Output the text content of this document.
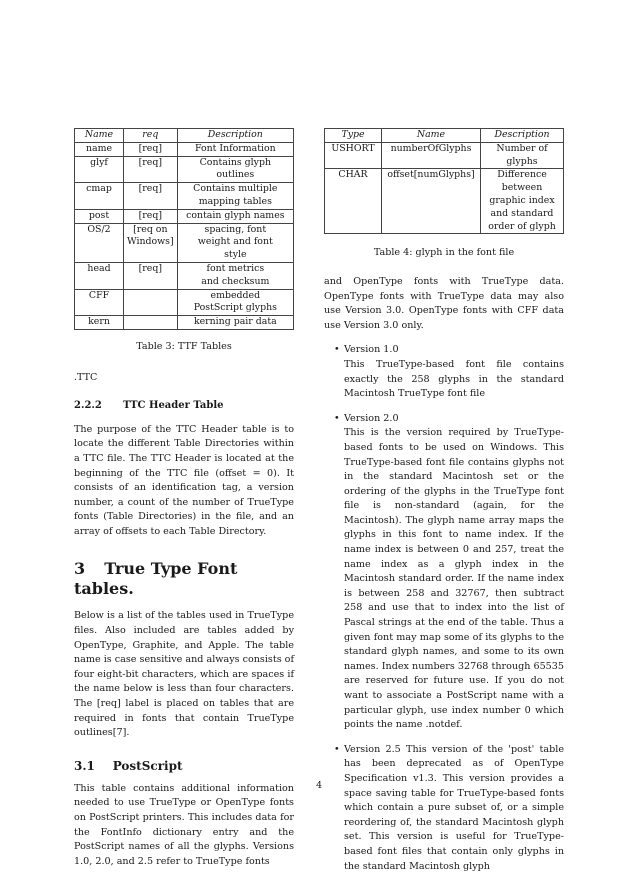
Name	req	Description
name	[req]	Font Information
glyf	[req]	Contains glyph outlines
cmap	[req]	Contains multiple mapping tables
post	[req]	contain glyph names
OS/2	[req on Windows]	spacing, font weight and font style
head	[req]	font metrics and checksum
CFF		embedded PostScript glyphs
kern		kerning pair data
Table 3: TTF Tables
.TTC
2.2.2 TTC Header Table

The purpose of the TTC Header table is to locate the different Table Directories within a TTC file. The TTC Header is located at the beginning of the TTC file (offset = 0). It consists of an identification tag, a version number, a count of the number of TrueType fonts (Table Directories) in the file, and an array of offsets to each Table Directory.

3 True Type Font tables.

Below is a list of the tables used in TrueType files. Also included are tables added by OpenType, Graphite, and Apple. The table name is case sensitive and always consists of four eight-bit characters, which are spaces if the name below is less than four characters. The [req] label is placed on tables that are required in fonts that contain TrueType outlines[7].

3.1 PostScript

This table contains additional information needed to use TrueType or OpenType fonts on PostScript printers. This includes data for the FontInfo dictionary entry and the PostScript names of all the glyphs. Versions 1.0, 2.0, and 2.5 refer to TrueType fonts

Type	Name	Description
USHORT	numberOfGlyphs	Number of glyphs
CHAR	offset[numGlyphs]	Difference between graphic index and standard order of glyph
Table 4: glyph in the font file

and OpenType fonts with TrueType data. OpenType fonts with TrueType data may also use Version 3.0. OpenType fonts with CFF data use Version 3.0 only.

• Version 1.0

This TrueType-based font file contains exactly the 258 glyphs in the standard Macintosh TrueType font file

• Version 2.0

This is the version required by TrueType-based fonts to be used on Windows. This TrueType-based font file contains glyphs not in the standard Macintosh set or the ordering of the glyphs in the TrueType font file is non-standard (again, for the Macintosh). The glyph name array maps the glyphs in this font to name index. If the name index is between 0 and 257, treat the name index as a glyph index in the Macintosh standard order. If the name index is between 258 and 32767, then subtract 258 and use that to index into the list of Pascal strings at the end of the table. Thus a given font may map some of its glyphs to the standard glyph names, and some to its own names. Index numbers 32768 through 65535 are reserved for future use. If you do not want to associate a PostScript name with a particular glyph, use index number 0 which points the name .notdef.

• Version 2.5 This version of the 'post' table has been deprecated as of OpenType Specification v1.3. This version provides a space saving table for TrueType-based fonts which contain a pure subset of, or a simple reordering of, the standard Macintosh glyph set. This version is useful for TrueType-based font files that contain only glyphs in the standard Macintosh glyph

4
